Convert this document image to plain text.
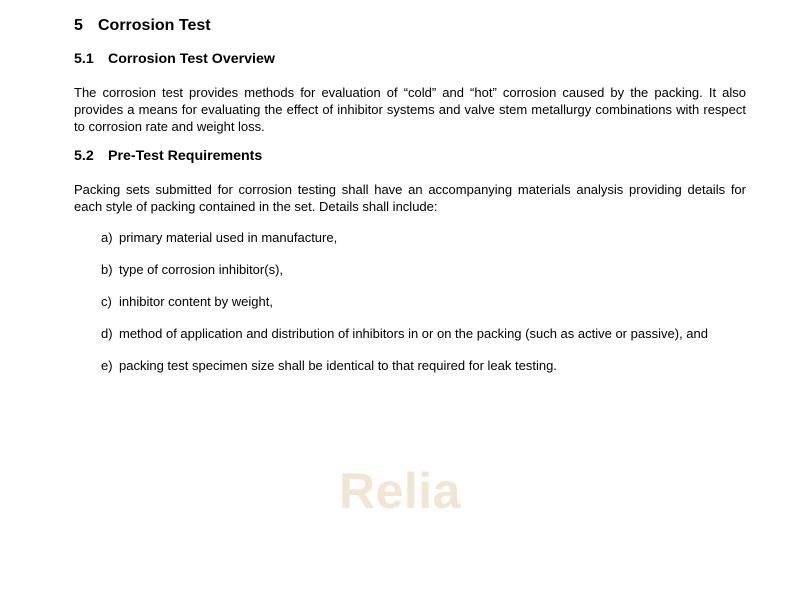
5 Corrosion Test
5.1 Corrosion Test Overview

The corrosion test provides methods for evaluation of “cold” and “hot” corrosion caused by the packing. It also provides a means for evaluating the effect of inhibitor systems and valve stem metallurgy combinations with respect to corrosion rate and weight loss.

5.2 Pre-Test Requirements

Packing sets submitted for corrosion testing shall have an accompanying materials analysis providing details for each style of packing contained in the set. Details shall include:

a) primary material used in manufacture,
b) type of corrosion inhibitor(s),
c) inhibitor content by weight,
d) method of application and distribution of inhibitors in or on the packing (such as active or passive), and
e) packing test specimen size shall be identical to that required for leak testing.
Relia
